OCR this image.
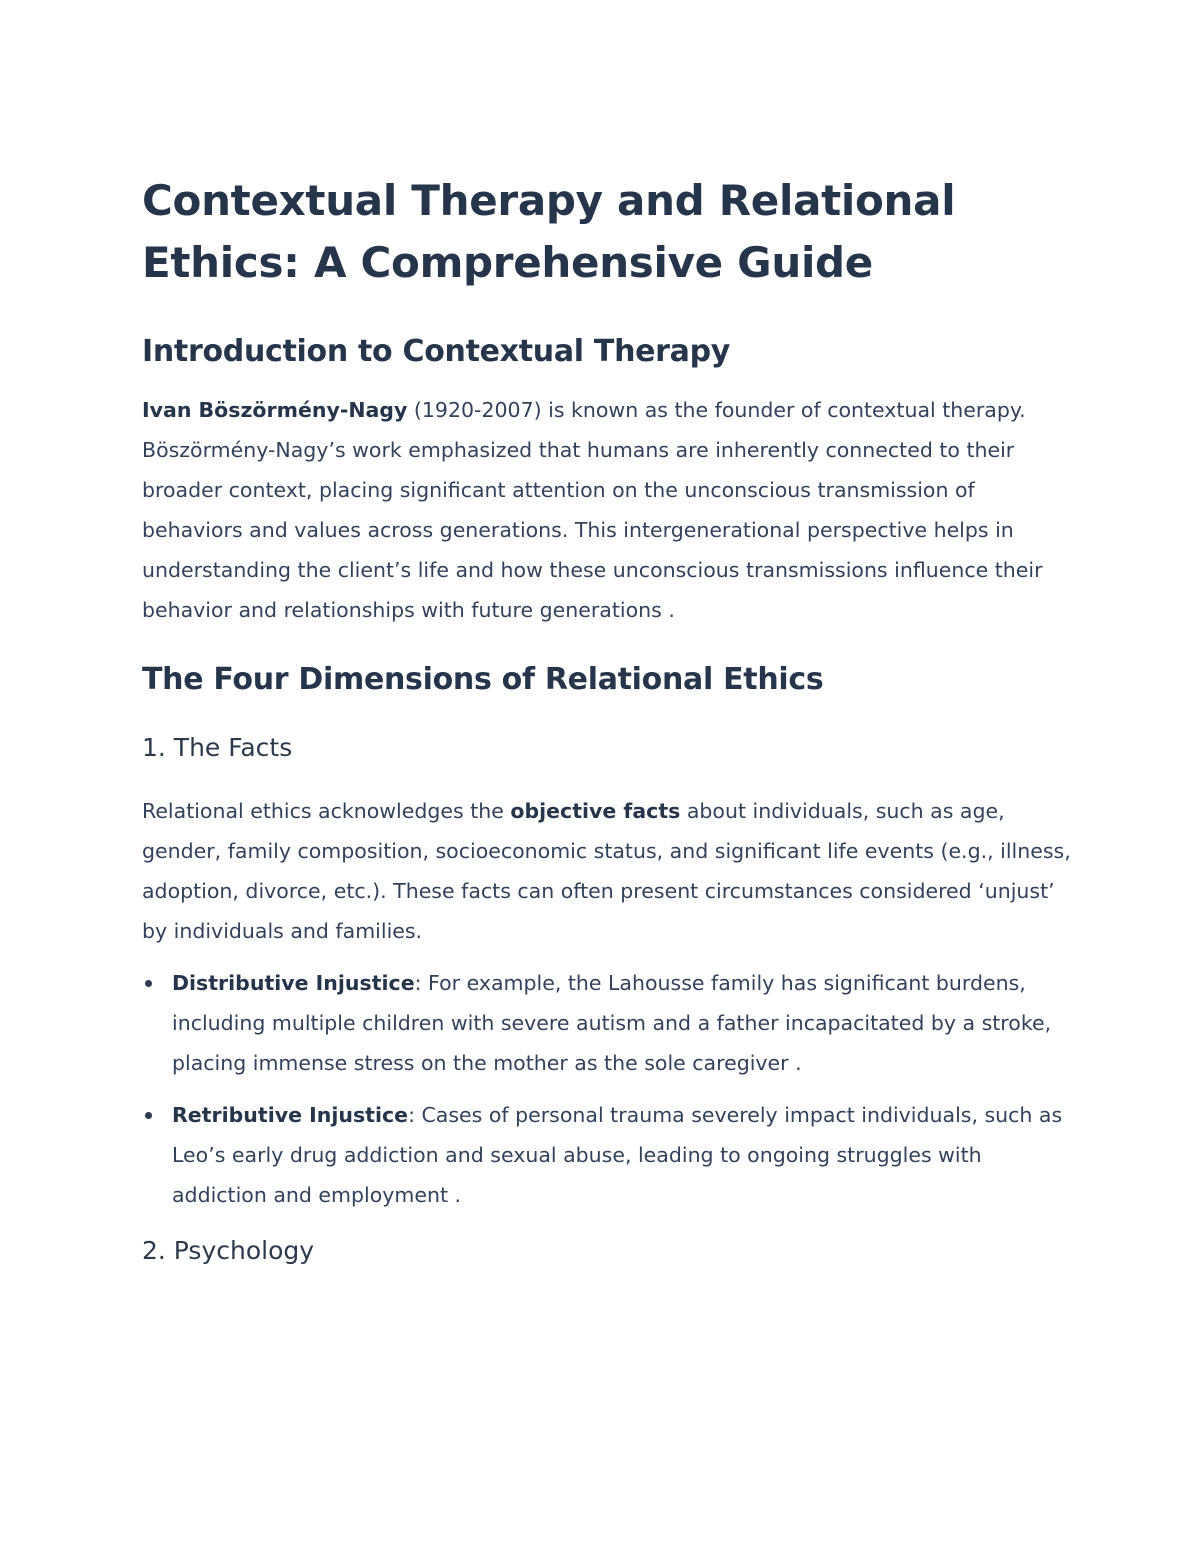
Contextual Therapy and Relational Ethics: A Comprehensive Guide
Introduction to Contextual Therapy

Ivan Böszörmény-Nagy (1920-2007) is known as the founder of contextual therapy. Böszörmény-Nagy’s work emphasized that humans are inherently connected to their broader context, placing significant attention on the unconscious transmission of behaviors and values across generations. This intergenerational perspective helps in understanding the client’s life and how these unconscious transmissions influence their behavior and relationships with future generations .

The Four Dimensions of Relational Ethics
1. The Facts

Relational ethics acknowledges the objective facts about individuals, such as age, gender, family composition, socioeconomic status, and significant life events (e.g., illness, adoption, divorce, etc.). These facts can often present circumstances considered ‘unjust’ by individuals and families.

Distributive Injustice: For example, the Lahousse family has significant burdens, including multiple children with severe autism and a father incapacitated by a stroke, placing immense stress on the mother as the sole caregiver .
Retributive Injustice: Cases of personal trauma severely impact individuals, such as Leo’s early drug addiction and sexual abuse, leading to ongoing struggles with addiction and employment .
2. Psychology
